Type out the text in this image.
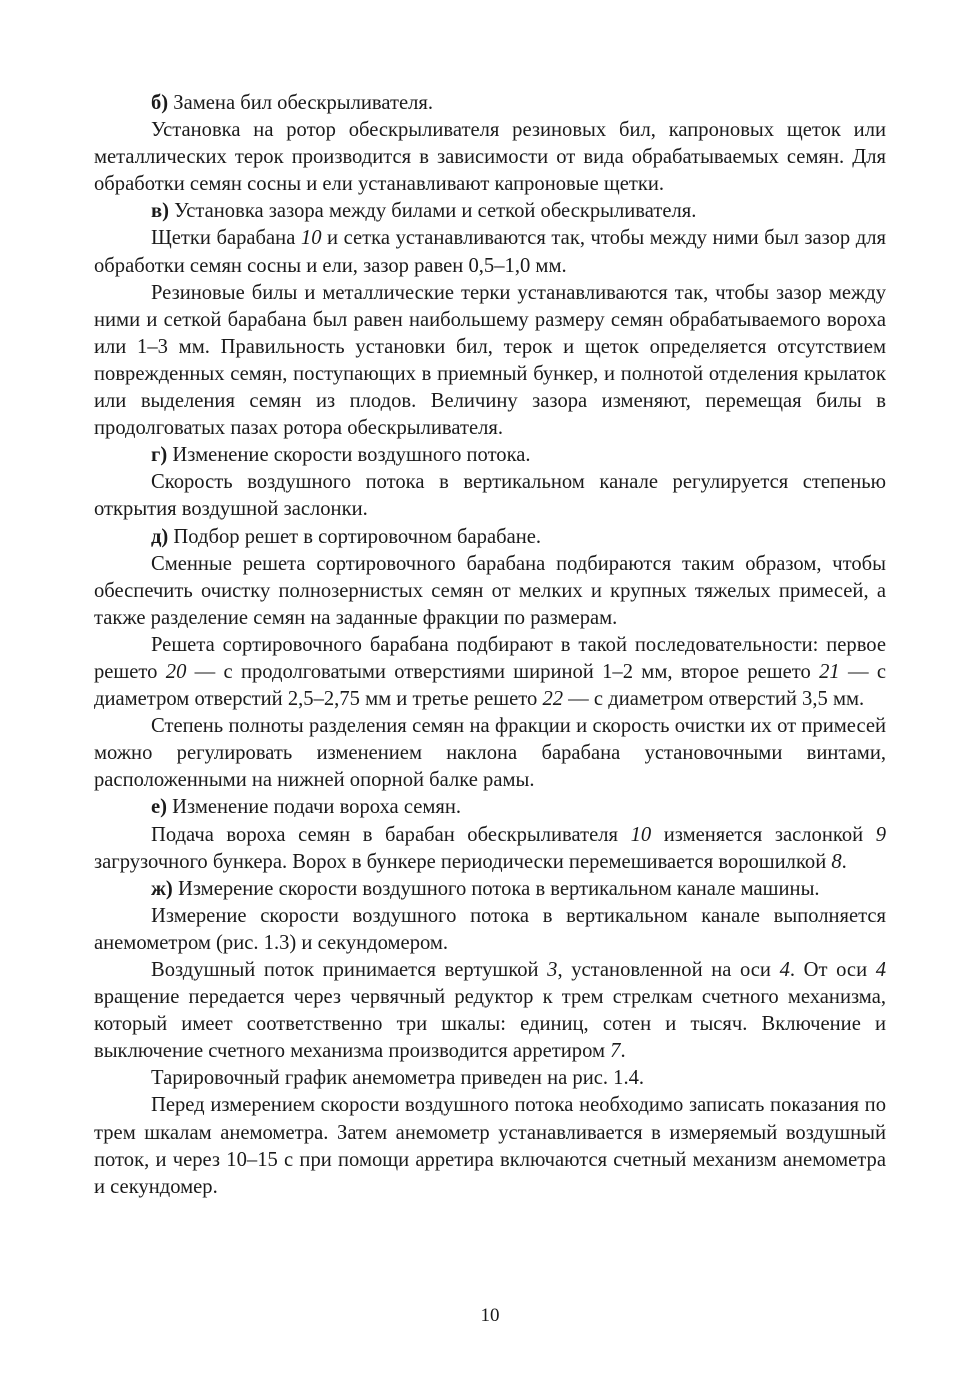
б) Замена бил обескрыливателя.

Установка на ротор обескрыливателя резиновых бил, капроновых щеток или металлических терок производится в зависимости от вида обрабатываемых семян. Для обработки семян сосны и ели устанавливают капроновые щетки.

в) Установка зазора между билами и сеткой обескрыливателя.

Щетки барабана 10 и сетка устанавливаются так, чтобы между ними был зазор для обработки семян сосны и ели, зазор равен 0,5–1,0 мм.

Резиновые билы и металлические терки устанавливаются так, чтобы зазор между ними и сеткой барабана был равен наибольшему размеру семян обрабатываемого вороха или 1–3 мм. Правильность установки бил, терок и щеток определяется отсутствием поврежденных семян, поступающих в приемный бункер, и полнотой отделения крылаток или выделения семян из плодов. Величину зазора изменяют, перемещая билы в продолговатых пазах ротора обескрыливателя.

г) Изменение скорости воздушного потока.

Скорость воздушного потока в вертикальном канале регулируется степенью открытия воздушной заслонки.

д) Подбор решет в сортировочном барабане.

Сменные решета сортировочного барабана подбираются таким образом, чтобы обеспечить очистку полнозернистых семян от мелких и крупных тяжелых примесей, а также разделение семян на заданные фракции по размерам.

Решета сортировочного барабана подбирают в такой последовательности: первое решето 20 — с продолговатыми отверстиями шириной 1–2 мм, второе решето 21 — с диаметром отверстий 2,5–2,75 мм и третье решето 22 — с диаметром отверстий 3,5 мм.

Степень полноты разделения семян на фракции и скорость очистки их от примесей можно регулировать изменением наклона барабана установочными винтами, расположенными на нижней опорной балке рамы.

е) Изменение подачи вороха семян.

Подача вороха семян в барабан обескрыливателя 10 изменяется заслонкой 9 загрузочного бункера. Ворох в бункере периодически перемешивается ворошилкой 8.

ж) Измерение скорости воздушного потока в вертикальном канале машины.

Измерение скорости воздушного потока в вертикальном канале выполняется анемометром (рис. 1.3) и секундомером.

Воздушный поток принимается вертушкой 3, установленной на оси 4. От оси 4 вращение передается через червячный редуктор к трем стрелкам счетного механизма, который имеет соответственно три шкалы: единиц, сотен и тысяч. Включение и выключение счетного механизма производится арретиром 7.

Тарировочный график анемометра приведен на рис. 1.4.

Перед измерением скорости воздушного потока необходимо записать показания по трем шкалам анемометра. Затем анемометр устанавливается в измеряемый воздушный поток, и через 10–15 с при помощи арретира включаются счетный механизм анемометра и секундомер.

10
